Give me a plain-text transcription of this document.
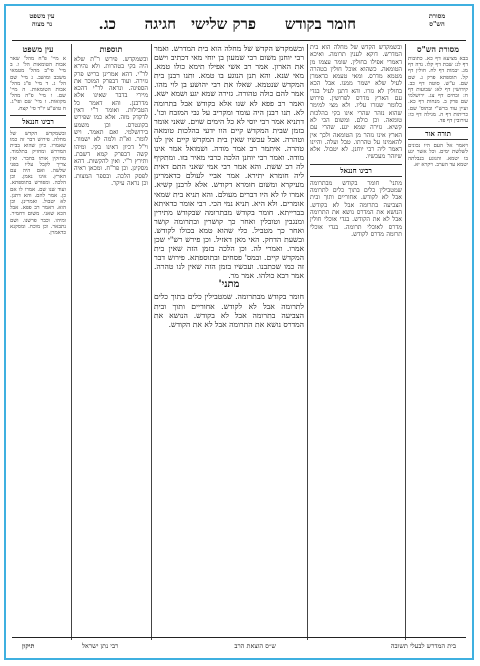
מסורת
הש"ס
חומר בקודש
פרק שלישי
חגיגה
כג.
עין משפט
נר מצוה
מסורת הש"ס
בבא מציעא דף כא. כתובות דף לג: שבת דף קלז. נדה דף מג. יבמות דף לח. חולין דף קל. תוספתא פרק ג. שם שם. ע"ש. סוטה דף כב. קידושין דף לא: שבועות דף ח: זבחים דף צג. ירושלמי שם פרק ב. מנחות דף כא. ועיין עוד ברש"י ובתוס' שם. כריתות דף ה. מגילה דף כו: עירובין דף פד.
תורה אור
ויאמר אל העם היו נכונים לשלשת ימים. וכל אשר יגע בו יטמא. והנוגע בנבלתה יטמא עד הערב. ויקרא יא.
ובשמקדש הקדש של מחלה הוא בית המדרש. דוקא לענין תרומה. ואיכא דאמרי אפילו בחולין. שומר עצמו מן הטומאה. כשהוא אוכל חולין בטהרה מטמא מדרס. ומאי טעמא כדאמרן לעיל שלא ישמר ממנו. אבל הכא בחולין לא גזרו. והא דתנן לעיל בגדי עם הארץ מדרס לפרושין. פירוש כלומר שגזרו עליו. ולא מצי למימר שהוא נזהר שהרי אינו בקי בהלכות טומאה. וכן כולם. ומשום הכי לא קשיא. גזירה שמא יגע. שהרי עם הארץ אינו נזהר מן הטומאה ולכך אין להאמינו על טהרתו. טבל ועלה. והיינו דאמר ליה רבי יוחנן. לא יטבול. אלא שיזהר מעכשיו.
רבינו חננאל
מתני' חומר בקודש מבתרומה שמטבילין כלים בתוך כלים לתרומה אבל לא לקודש. אחוריים ותוך ובית הצביעה בתרומה אבל לא בקודש. הנושא את המדרס נושא את התרומה אבל לא את הקודש. בגדי אוכלי חולין מדרס לאוכלי תרומה. בגדי אוכלי תרומה מדרס לקודש.
ובשמקדש הקדש של מחלה הוא בית המדרש. ואמר רבי יוחנן משום רבי שמעון בן יוחי מאי דכתיב וישם את הארון. אמר רב אשי אפילו תימא כולו טמא. מאי שנא. והא תנן הנוגע בו טמא. ותנו רבנן בית המקדש שנטמא. שאלו את רבי יהושע בן לוי מהו. אמר להם כולה טהורה. גזירה שמא יגע ושמא ישא. ואמר רב פפא לא שנו אלא בקודש אבל בתרומה לא. תנו רבנן היה עומד ומקריב על גבי המזבח וכו'. דתניא אמר רבי יוסי לא כל הימים שוים. שאני אומר בזמן שבית המקדש קיים הוו ידעי בהלכות טומאה וטהרה. אבל עכשיו שאין בית המקדש קיים אין לנו טהרה. איתמר רב אמר מודה. ושמואל אמר אינו מודה. ואמר רבי יוחנן הלכה כרבי מאיר בזו. ומתקיף לה רב ששת. והא אמר רבי אמי שאני התם דאית ליה חומרא יתירא. אמר אביי לעולם כדאמרינן מעיקרא ומשום חומרא דקודש. אלא לרבנן קשיא. אמרו לו לא היו דברים מעולם. והא תניא בית שמאי אומרים. ולא היא. תניא נמי הכי. רבי אומר כדאיתא בברייתא. חומר בקודש מבתרומה שבקודש מתירין ומנגבין וטובלין ואחר כך קושרין ובתרומה קושר ואחר כך מטביל. כלי שהוא טמא בכולו לקודש. ובשעת הדחק. האי מאן דאזיל. וכן פירש רש"י שכן אמרו. ואמרי לה. וכן הלכה בזמן הזה שאין בית המקדש קיים. ובמס' פסחים ובתוספתא. פירוש דבר זה כמו שכתבנו. ועכשיו בזמן הזה שאין לנו טהרה. אמר רבא כולהו. אמר מר.
מתני'
חומר בקודש מבתרומה. שמטבילין כלים בתוך כלים לתרומה אבל לא לקודש. אחוריים ותוך ובית הצביעה בתרומה אבל לא בקודש. הנושא את המדרס נושא את התרומה אבל לא את הקודש.
תוספות
ובשמקדש. פירש ר"ת שלא היה בקי בטהרות. ולא נהירא לר"י. דהא אמרינן בריש פרק גזירה. ועוד דבפרק המוכר את הספינה. ונראה לר"י דהכא מיירי בדבר שאינו אלא מדרבנן. והא דאמר כל הטבילות. ואומר ר"י דאין לדקדק מזה. אלא כמו שפירש בקונטרס. וכן משמע בירושלמי. ואם תאמר. ויש לומר. וא"ת ולמה לא ישמור. וי"ל דכיון דאינו בקי. ומיהו קשה דבפרק קמא דשבת. ותירץ ר"י. ואין להקשות. דהא מסקינן. וכן פר"ח. ומכאן ראיה לפסק הלכה. ובספר המצות. וכן נראה עיקר.
עין משפט
א מיי' פ"ח מהל' שאר אבות הטומאות הל' ו. ב מיי' פי"ב מהל' מטמאי משכב ומושב. ג מיי' שם הל' ג. ד מיי' פ"ג מהל' אבות הטומאות. ה מיי' שם. ו מיי' פ"ה מהל' מקואות. ז מיי' שם ופי"ג. ח טוש"ע יו"ד סי' קצח.
רבינו חננאל
ובשמקדש הקדש של מחלה. פירוש דבר זה כמו שאמרו. כיון שהוא בבית המדרש ומחזיק בתלמוד. מחזקין אותו בחבר. ואין צריך לקבל עליו בפני שלשה. ואם היה עם הארץ. אינו נאמן. וכן הלכה. ומפורש בתוספתא. ועוד שנו שם. אמרו לו אם כן. אמר להם. והא דתנן. לא יטבול. ואמרינן. וכן הוא. דאמר רב פפא. אבל הכא שאני. משום דחמיר. ומיהו. וכבר פרשנו. ושם נתבאר. וכן מוכח. ומסקנא כדאמרן.
בית המדרש לבעלי תשובה
ש״ס הוצאת הרב
רבי נתן ישראל
תיקון
